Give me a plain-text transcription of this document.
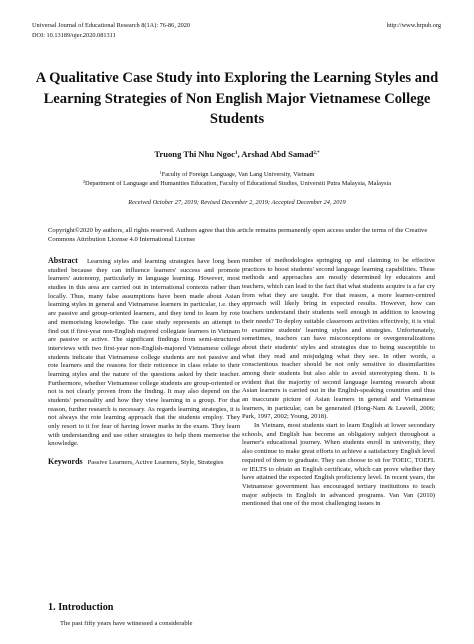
Universal Journal of Educational Research 8(1A): 76-86, 2020
DOI: 10.13189/ujer.2020.081311
http://www.hrpub.org
A Qualitative Case Study into Exploring the Learning Styles and Learning Strategies of Non English Major Vietnamese College Students
Truong Thi Nhu Ngoc$^1$, Arshad Abd Samad$^{2,*}$
$^1$Faculty of Foreign Language, Van Lang University, Vietnam
$^2$Department of Language and Humanities Education, Faculty of Educational Studies, Universiti Putra Malaysia, Malaysia
Received October 27, 2019; Revised December 2, 2019; Accepted December 24, 2019
Copyright©2020 by authors, all rights reserved. Authors agree that this article remains permanently open access under the terms of the Creative Commons Attribution License 4.0 International License

Abstract Learning styles and learning strategies have long been studied because they can influence learners' success and promote learners' autonomy, particularly in language learning. However, most studies in this area are carried out in international contexts rather than locally. Thus, many false assumptions have been made about Asian learning styles in general and Vietnamese learners in particular, i.e. they are passive and group-oriented learners, and they tend to learn by rote and memorising knowledge. The case study represents an attempt to find out if first-year non-English majored collegiate learners in Vietnam are passive or active. The significant findings from semi-structured interviews with two first-year non-English-majored Vietnamese college students indicate that Vietnamese college students are not passive and rote learners and the reasons for their reticence in class relate to their learning styles and the nature of the questions asked by their teacher. Furthermore, whether Vietnamese college students are group-oriented or not is not clearly proven from the finding. It may also depend on the students' personality and how they view learning in a group. For that reason, further research is necessary. As regards learning strategies, it is not always the rote learning approach that the students employ. They only resort to it for fear of having lower marks in the exam. They learn with understanding and use other strategies to help them memorise the knowledge.

Keywords Passive Learners, Active Learners, Style, Strategies

1. Introduction
The past fifty years have witnessed a considerable

number of methodologies springing up and claiming to be effective practices to boost students' second language learning capabilities. These methods and approaches are mostly determined by educators and teachers, which can lead to the fact that what students acquire is a far cry from what they are taught. For that reason, a more learner-centred approach will likely bring in expected results. However, how can teachers understand their students well enough in addition to knowing their needs? To deploy suitable classroom activities effectively, it is vital to examine students' learning styles and strategies. Unfortunately, sometimes, teachers can have misconceptions or overgeneralizations about their students' styles and strategies due to being susceptible to what they read and misjudging what they see. In other words, a conscientious teacher should be not only sensitive to dissimilarities among their students but also able to avoid stereotyping them. It is evident that the majority of second language learning research about Asian learners is carried out in the English-speaking countries and thus an inaccurate picture of Asian learners in general and Vietnamese learners, in particular, can be generated (Hong-Nam & Leavell, 2006; Park, 1997, 2002; Young, 2018).

In Vietnam, most students start to learn English at lower secondary schools, and English has become an obligatory subject throughout a learner's educational journey. When students enroll in university, they also continue to make great efforts to achieve a satisfactory English level required of them to graduate. They can choose to sit for TOEIC, TOEFL or IELTS to obtain an English certificate, which can prove whether they have attained the expected English proficiency level. In recent years, the Vietnamese government has encouraged tertiary institutions to teach major subjects in English in advanced programs. Van Van (2010) mentioned that one of the most challenging issues in
